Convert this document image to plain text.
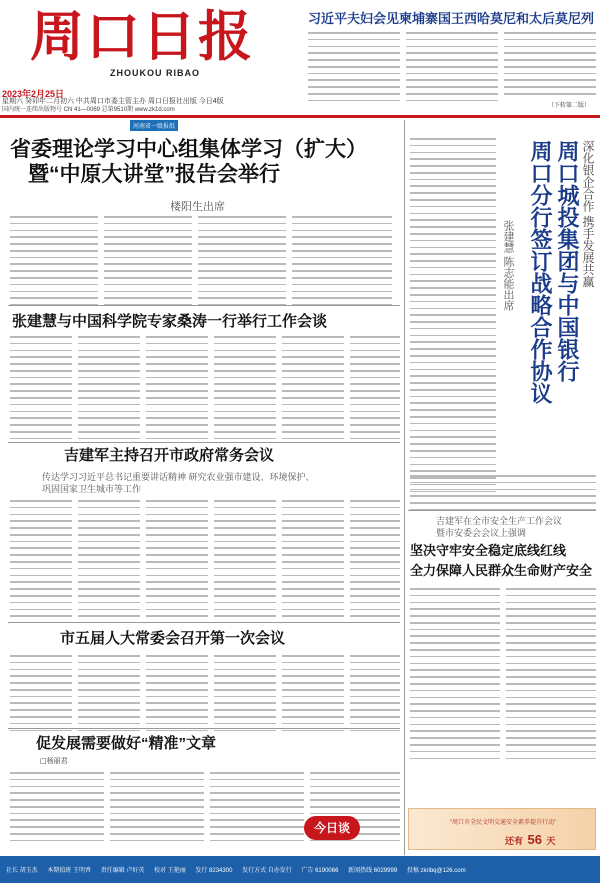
周口日报
ZHOUKOU RIBAO
2023年2月25日
星期六 癸卯年二月初六 中共周口市委主管主办 周口日报社出版 今日4版
国内统一连续出版物号 CN 41—0069 总第9510期 www.zk1d.com
习近平夫妇会见柬埔寨国王西哈莫尼和太后莫尼列
（下转第二版）
河南省一级报纸
省委理论学习中心组集体学习（扩大）
暨“中原大讲堂”报告会举行
楼阳生出席
张建慧与中国科学院专家桑涛一行举行工作会谈
吉建军主持召开市政府常务会议
传达学习习近平总书记重要讲话精神 研究农业强市建设、环境保护、
巩固国家卫生城市等工作
市五届人大常委会召开第一次会议
促发展需要做好“精准”文章
□杨丽君
今日谈
深化银企合作 携手发展共赢
周口城投集团与中国银行
周口分行签订战略合作协议
张建慧 陈志能出席
吉建军在全市安全生产工作会议
暨市安委会会议上强调
坚决守牢安全稳定底线红线
全力保障人民群众生命财产安全
“周口市全民文明交通安全素养提升行动”
还有 56 天
社长 胡玉杰 本期值班 王明香 责任编辑 卢好英 校对 王艳丽 发行 8234300 发行方式 自办发行 广告 6190066 新闻热线 6029999 投稿 zkribq@126.com
